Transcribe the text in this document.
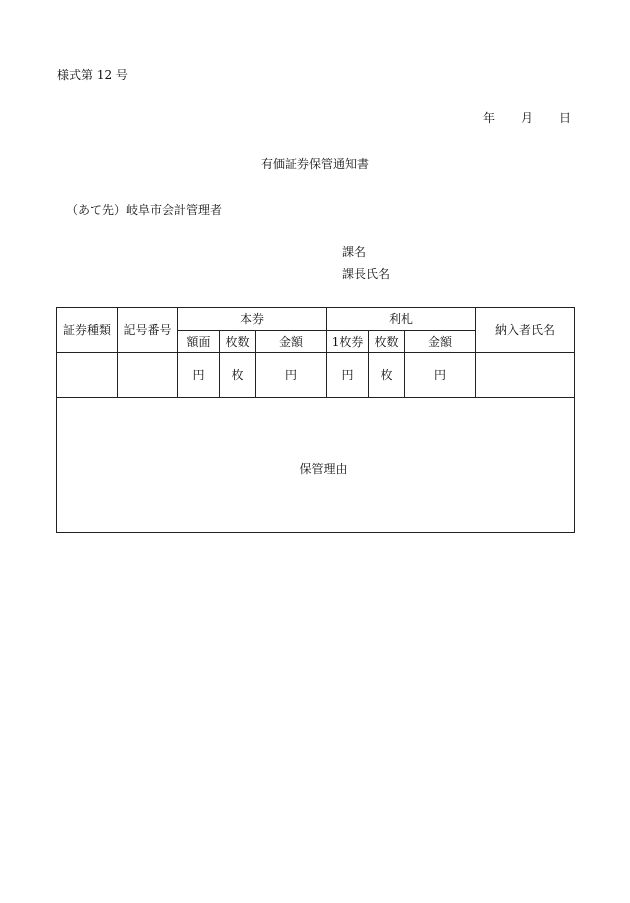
様式第 12 号
年 月 日
有価証券保管通知書
（あて先）岐阜市会計管理者
課名
課長氏名
証券種類	記号番号	本券			利札			納入者氏名
		額面	枚数	金額	1枚券	枚数	金額	
		円	枚	円	円	枚	円	

保管理由								
